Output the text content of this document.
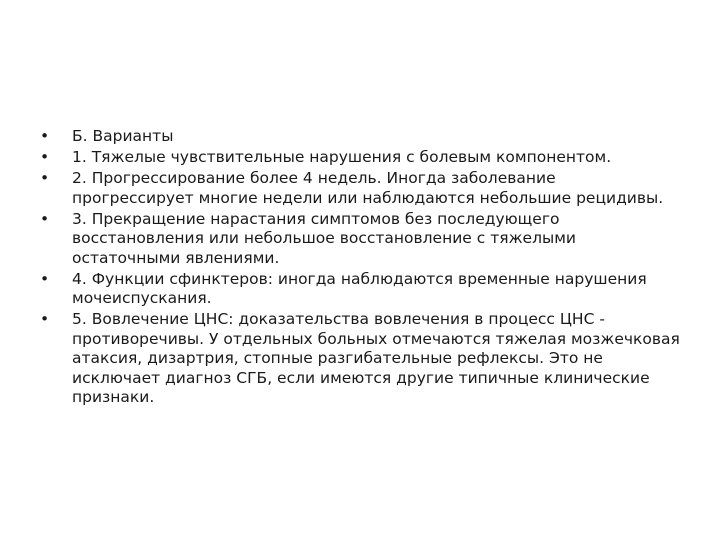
•	Б. Варианты
•	1. Тяжелые чувствительные нарушения с болевым компонентом.
•	2. Прогрессирование более 4 недель. Иногда заболевание прогрессирует многие недели или наблюдаются небольшие рецидивы.
•	3. Прекращение нарастания симптомов без последующего восстановления или небольшое восстановление с тяжелыми остаточными явлениями.
•	4. Функции сфинктеров: иногда наблюдаются временные нарушения мочеиспускания.
•	5. Вовлечение ЦНС: доказательства вовлечения в процесс ЦНС - противоречивы. У отдельных больных отмечаются тяжелая мозжечковая атаксия, дизартрия, стопные разгибательные рефлексы. Это не исключает диагноз СГБ, если имеются другие типичные клинические признаки.
